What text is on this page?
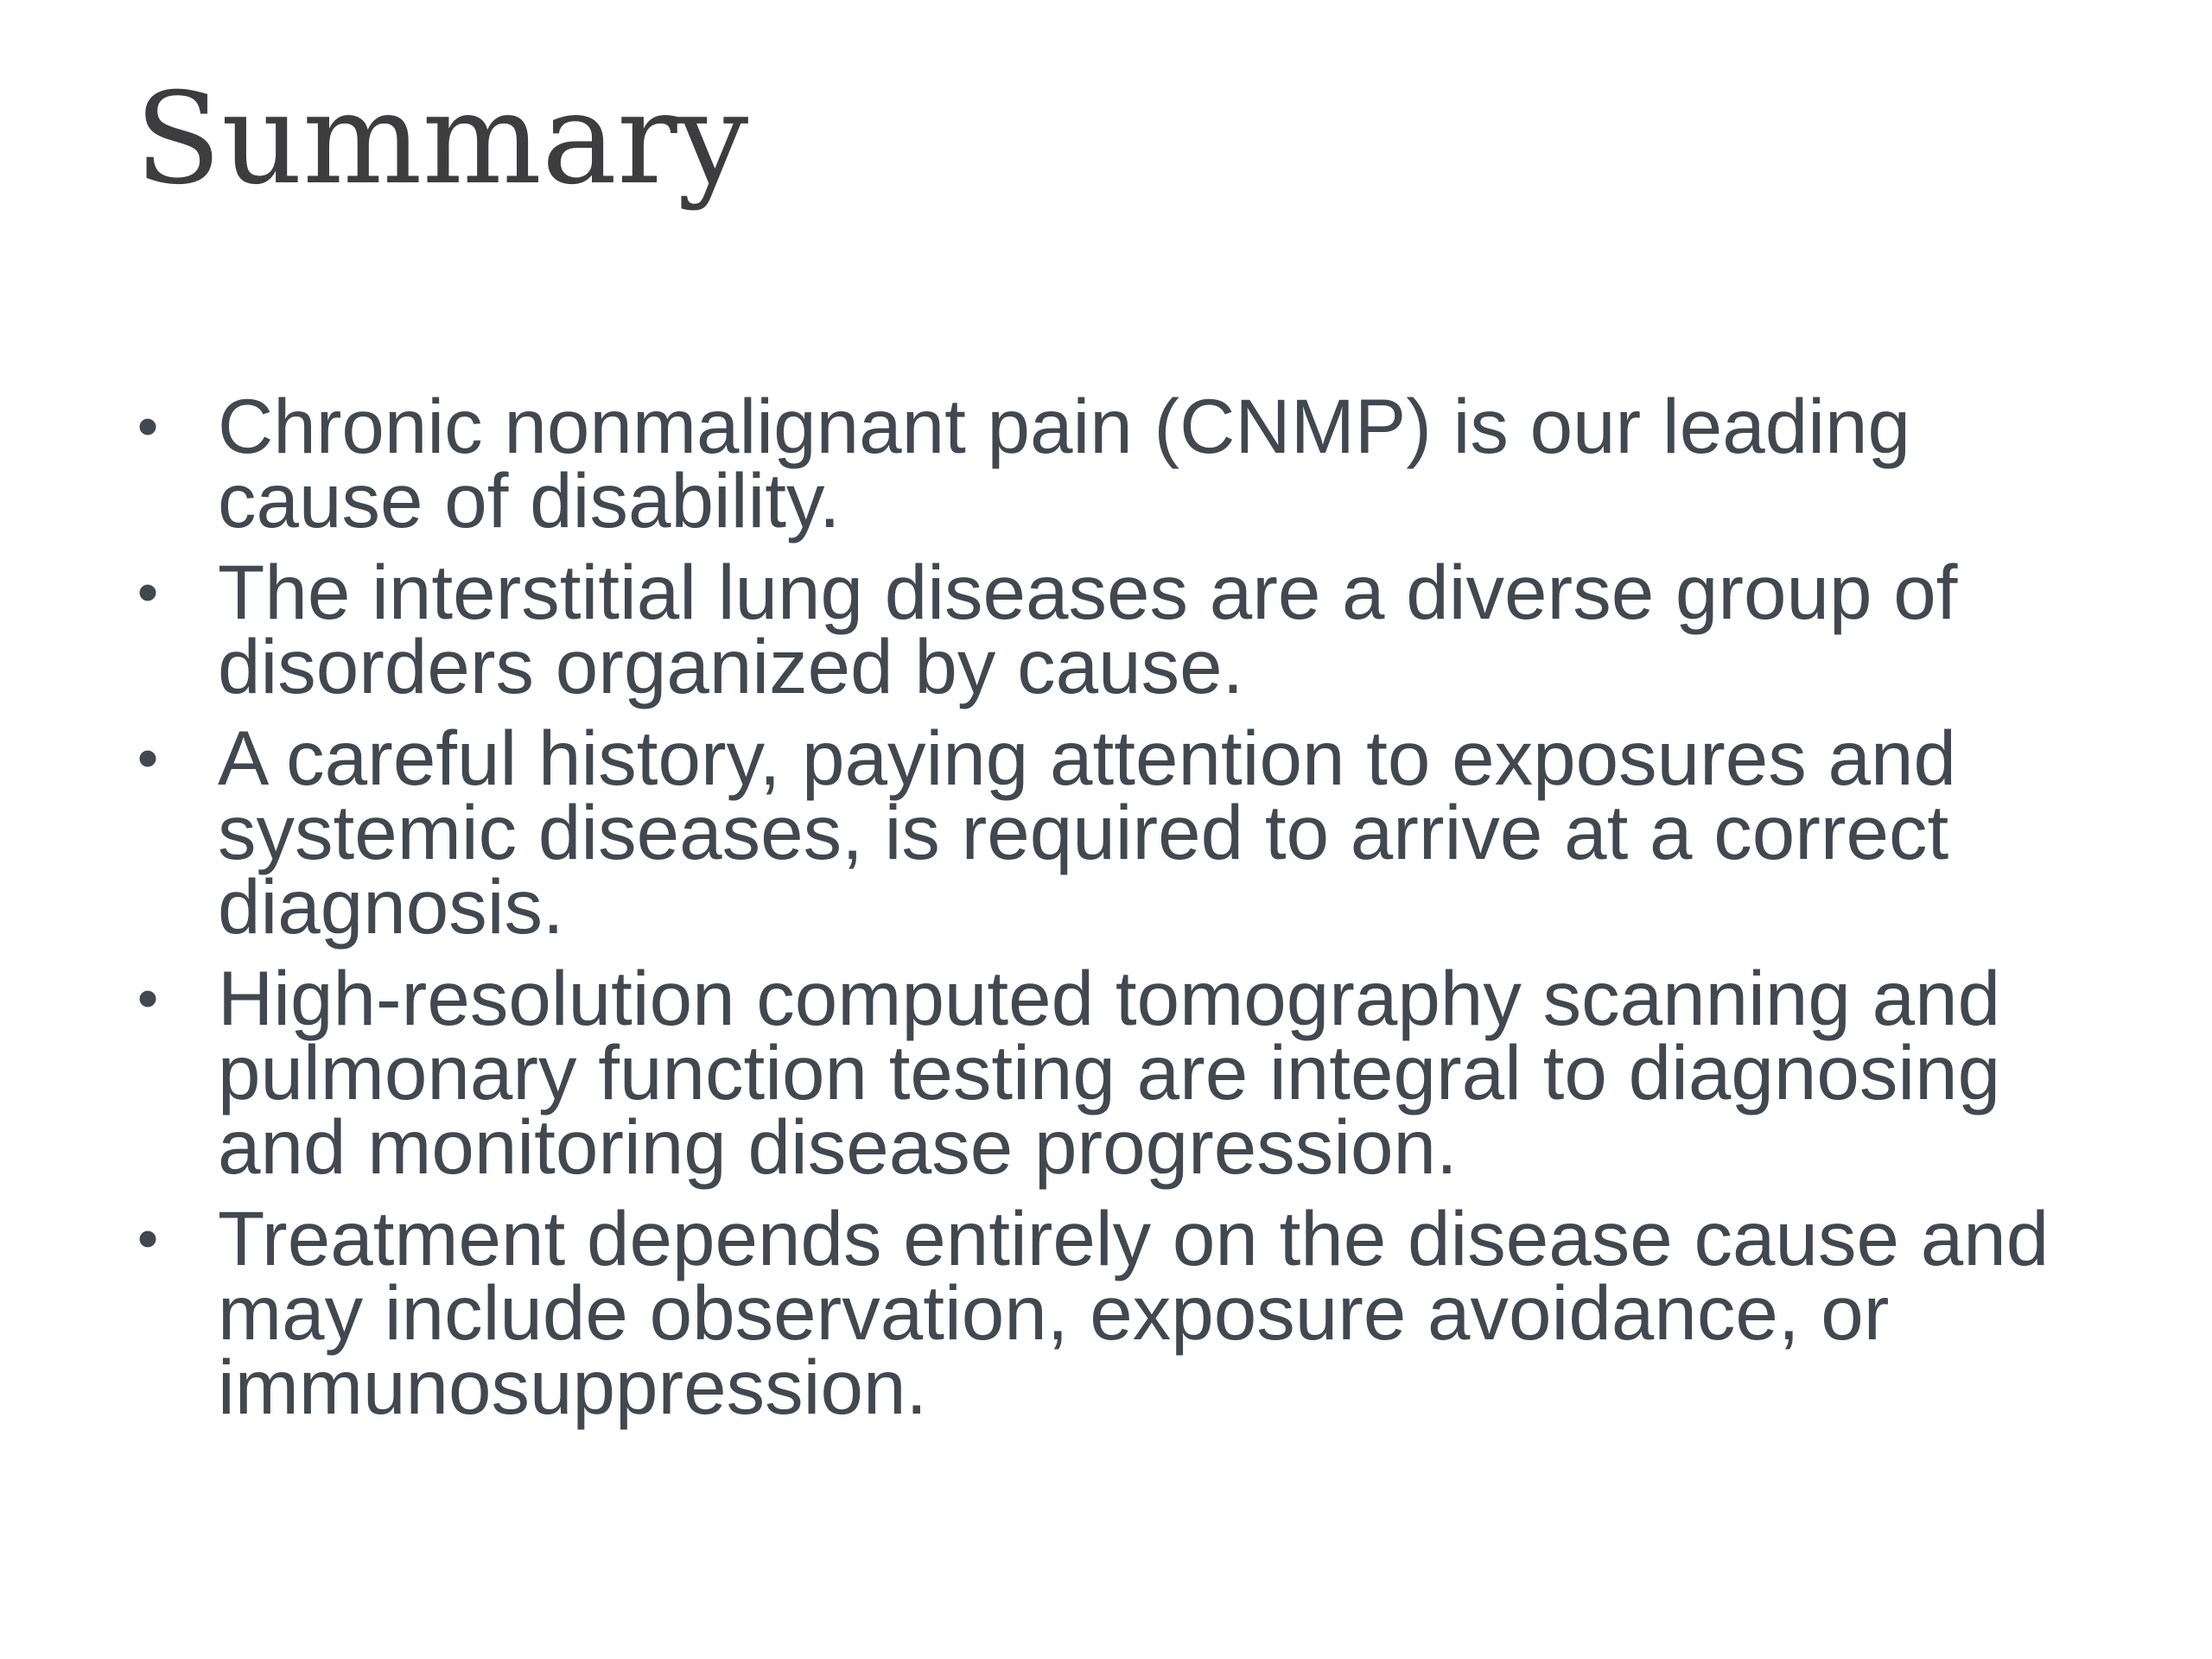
Summary
• Chronic nonmalignant pain (CNMP) is our leading cause of disability.
• The interstitial lung diseases are a diverse group of disorders organized by cause.
• A careful history, paying attention to exposures and systemic diseases, is required to arrive at a correct diagnosis.
• High-resolution computed tomography scanning and pulmonary function testing are integral to diagnosing and monitoring disease progression.
• Treatment depends entirely on the disease cause and may include observation, exposure avoidance, or immunosuppression.
